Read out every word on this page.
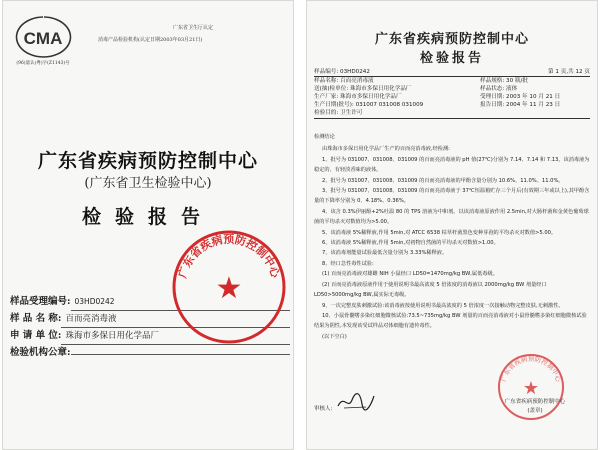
CMA
(96)量认(粤)字(Z1143)号
广东省卫生厅认定
消毒产品检验机构(认定日期2003年03月21日)
广东省疾病预防控制中心
(广东省卫生检验中心)
检验报告
样品受理编号: 03HD0242
样 品 名 称: 百而亮消毒液
申 请 单 位: 珠海市多保日用化学品厂
检验机构公章:
广东省疾病预防控制中心
★
广东省疾病预防控制中心
检验报告
样品编号: 03HD0242	第 1 页,共 12 页
样品名称: 百而亮消毒液	样品规格: 30 瓶/批
送(抽)检单位: 珠海市多保日用化学品厂	样品状态: 液体
生产厂家: 珠海市多保日用化学品厂	受理日期: 2003 年 10 月 21 日
生产日期(批号): 031007 031008 031009	报告日期: 2004 年 11 月 23 日
检验目的: 卫生许可
检测结论

由珠海市多保日用化学品厂生产的百而亮消毒液,经检测:

1、批号为 031007、031008、031009 的百而亮消毒液的 pH 值(27℃)分别为 7.14、7.14 和 7.13。该消毒液为 稳定的、有轻淡香味的液体。

2、批号为 031007、031008、031009 的百而亮消毒液的甲酚含量分别为 10.6%、11.0%、11.0%。

3、批号为 031007、031008、031009 的百而亮消毒液于 37℃恒温箱贮存三个月后(有效期三年或以上),其甲酚含量的下降率分别为 0、4.18%、0.36%。

4、该含 0.3%伊丽酚+2%吐温 80 的 TPS 溶液为中和剂。以该消毒液原液作用 2.5min,对大肠杆菌和金黄色葡萄球菌的平均杀灭对数值均为>5.00。

5、该消毒液 5%稀释液,作用 5min,对 ATCC 6538 枯草杆菌黑色变种芽孢的平均杀灭对数值>5.00。

6、该消毒液 5%稀释液,作用 5min,对初物自然菌的平均杀灭对数值>1.00。

7、该消毒剂能量试验最低含量分别为 3.33%稀释液。

8、经口急性毒性试验:

(1) 百而亮消毒液对雄雌 NIH 小鼠经口 LD50=1470mg/kg BW,属低毒级。

(2) 百而亮消毒液原液作用于使用说明书最高浓度 5 倍浓度的消毒液以 2000mg/kg BW 剂量经口 LD50>5000mg/kg BW,属实际无毒级。

9、一次完整皮肤刺激试验:该消毒液按使用说明书最高浓度的 5 倍浓度一次接触动物完整皮肤,无刺激性。

10、小鼠骨髓嗜多染红细胞微核试验:73.5~735mg/kg BW 剂量的百而亮消毒液对小鼠骨髓嗜多染红细胞微核试验结果为阴性,本发现该受试样品对体细胞有遗传毒性。

(以下空白)

广东省疾病预防控制中心
★
审核人:
广东省疾病预防控制中心
(盖章)
